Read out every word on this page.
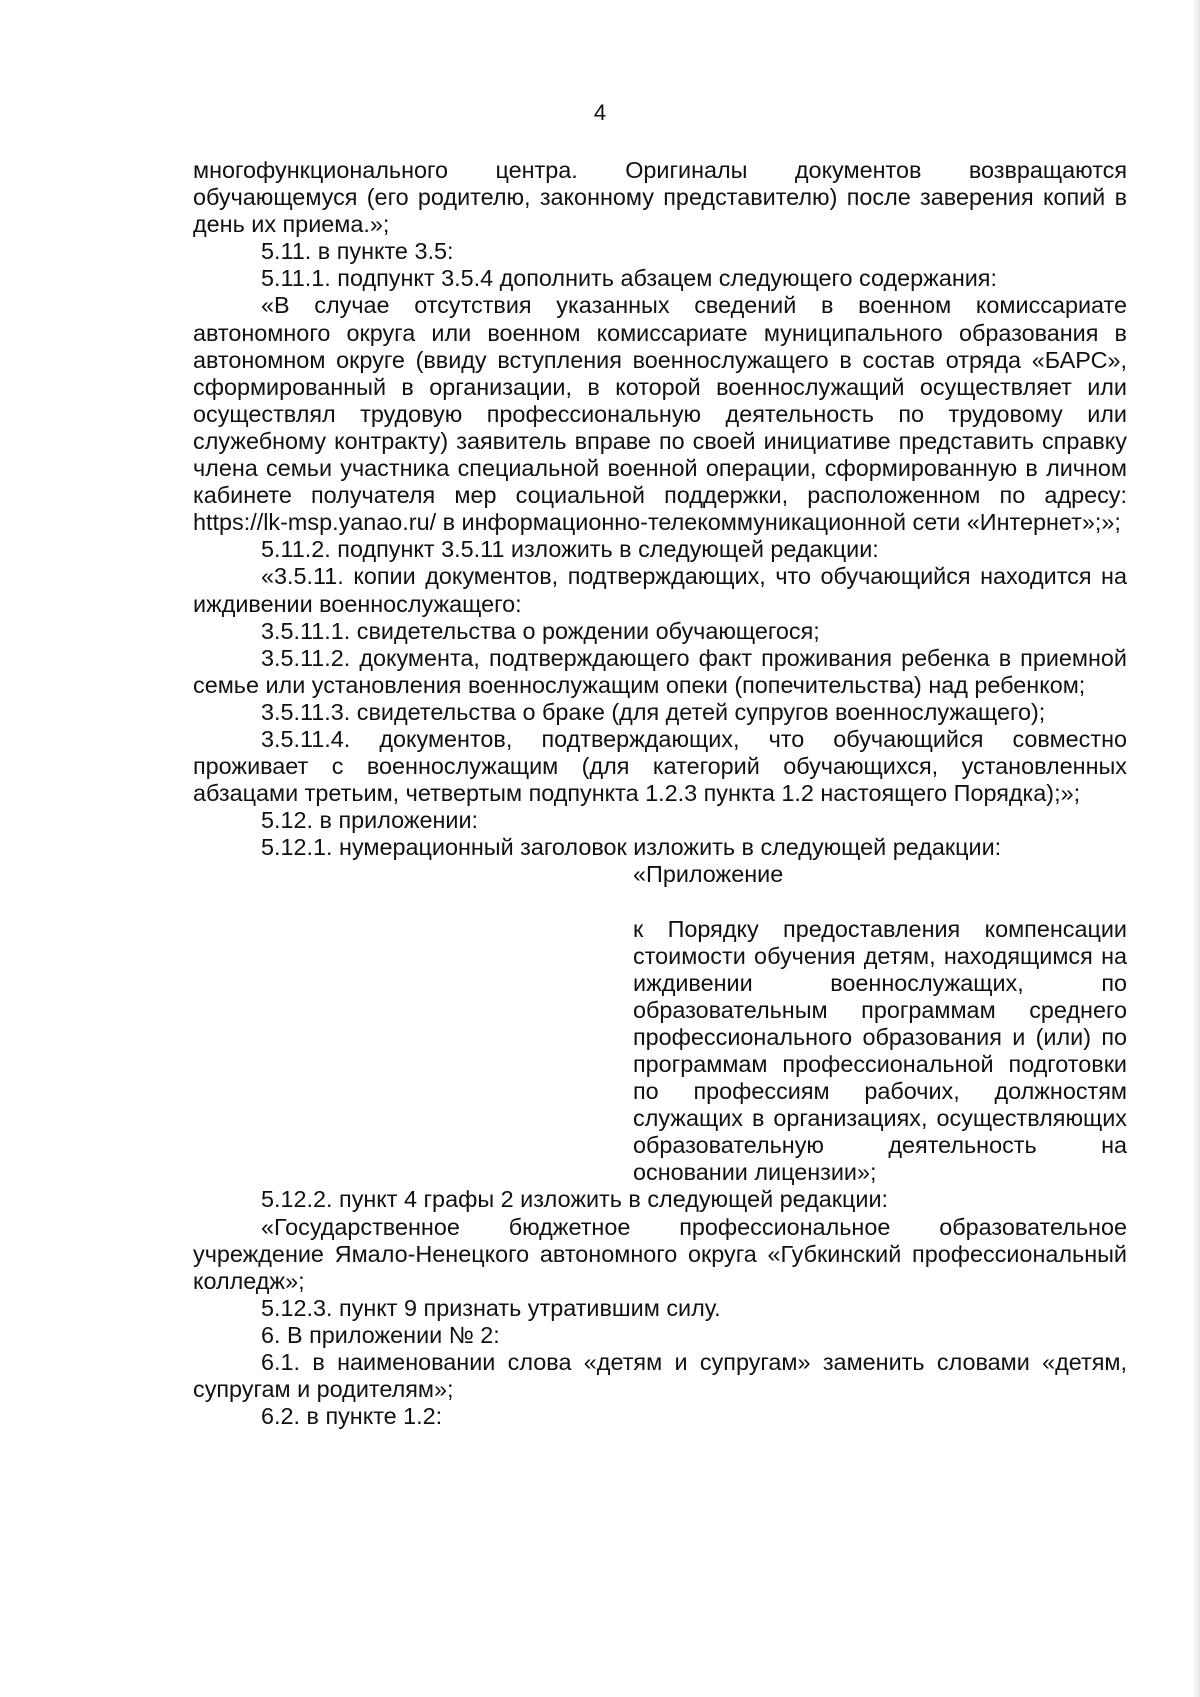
4

многофункционального центра. Оригиналы документов возвращаются обучающемуся (его родителю, законному представителю) после заверения копий в день их приема.»;

5.11. в пункте 3.5:

5.11.1. подпункт 3.5.4 дополнить абзацем следующего содержания:

«В случае отсутствия указанных сведений в военном комиссариате автономного округа или военном комиссариате муниципального образования в автономном округе (ввиду вступления военнослужащего в состав отряда «БАРС», сформированный в организации, в которой военнослужащий осуществляет или осуществлял трудовую профессиональную деятельность по трудовому или служебному контракту) заявитель вправе по своей инициативе представить справку члена семьи участника специальной военной операции, сформированную в личном кабинете получателя мер социальной поддержки, расположенном по адресу: https://lk-msp.yanao.ru/ в информационно-телекоммуникационной сети «Интернет»;»;

5.11.2. подпункт 3.5.11 изложить в следующей редакции:

«3.5.11. копии документов, подтверждающих, что обучающийся находится на иждивении военнослужащего:

3.5.11.1. свидетельства о рождении обучающегося;

3.5.11.2. документа, подтверждающего факт проживания ребенка в приемной семье или установления военнослужащим опеки (попечительства) над ребенком;

3.5.11.3. свидетельства о браке (для детей супругов военнослужащего);

3.5.11.4. документов, подтверждающих, что обучающийся совместно проживает с военнослужащим (для категорий обучающихся, установленных абзацами третьим, четвертым подпункта 1.2.3 пункта 1.2 настоящего Порядка);»;

5.12. в приложении:

5.12.1. нумерационный заголовок изложить в следующей редакции:

«Приложение

к Порядку предоставления компенсации стоимости обучения детям, находящимся на иждивении военнослужащих, по образовательным программам среднего профессионального образования и (или) по программам профессиональной подготовки по профессиям рабочих, должностям служащих в организациях, осуществляющих образовательную деятельность на основании лицензии»;

5.12.2. пункт 4 графы 2 изложить в следующей редакции:

«Государственное бюджетное профессиональное образовательное учреждение Ямало-Ненецкого автономного округа «Губкинский профессиональный колледж»;

5.12.3. пункт 9 признать утратившим силу.

6. В приложении № 2:

6.1. в наименовании слова «детям и супругам» заменить словами «детям, супругам и родителям»;

6.2. в пункте 1.2:
